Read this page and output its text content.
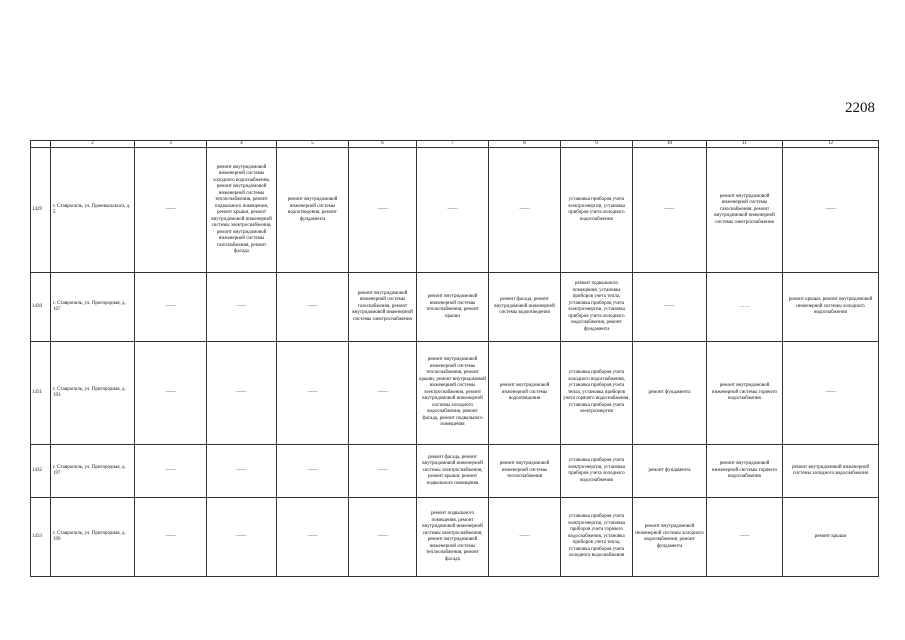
2208
	2	3	4	5	6	7	8	9	10	11	12
1429	г. Ставрополь, ул. Пржевальского, д. 5	——	ремонт внутридомовой инженерной системы холодного водоснабжения, ремонт внутридомовой инженерной системы теплоснабжения, ремонт подвального помещения, ремонт крыши, ремонт внутридомовой инженерной системы электроснабжения, ремонт внутридомовой инженерной системы газоснабжения, ремонт фасада	ремонт внутридомовой инженерной системы водоотведения, ремонт фундамента	——	——	——	установка приборов учета электроэнергии, установка приборов учета холодного водоснабжения	——	ремонт внутридомовой инженерной системы газоснабжения, ремонт внутридомовой инженерной системы электроснабжения	——
1430	г. Ставрополь, ул. Пригородная, д. 167	——	——	——	ремонт внутридомовой инженерной системы газоснабжения, ремонт внутридомовой инженерной системы электроснабжения	ремонт внутридомовой инженерной системы теплоснабжения, ремонт крыши	ремонт фасада, ремонт внутридомовой инженерной системы водоотведения	ремонт подвального помещения, установка приборов учета тепла, установка приборов учета электроэнергии, установка приборов учета холодного водоснабжения, ремонт фундамента	——	……	ремонт крыши, ремонт внутридомовой инженерной системы холодного водоснабжения
1431	г. Ставрополь, ул. Пригородная, д. 193	——	——	——	——	ремонт внутридомовой инженерной системы теплоснабжения, ремонт крыши, ремонт внутридомовой инженерной системы электроснабжения, ремонт внутридомовой инженерной системы холодного водоснабжения, ремонт фасада, ремонт подвального помещения	ремонт внутридомовой инженерной системы водоотведения	установка приборов учета холодного водоснабжения, установка приборов учета тепла, установка приборов учета горячего водоснабжения, установка приборов учета электроэнергии	ремонт фундамента	ремонт внутридомовой инженерной системы горячего водоснабжения	——
1432	г. Ставрополь, ул. Пригородная, д. 197	——	——	——	——	ремонт фасада, ремонт внутридомовой инженерной системы электроснабжения, ремонт крыши, ремонт подвального помещения	ремонт внутридомовой инженерной системы теплоснабжения	установка приборов учета электроэнергии, установка приборов учета холодного водоснабжения	ремонт фундамента	ремонт внутридомовой инженерной системы горячего водоснабжения	ремонт внутридомовой инженерной системы холодного водоснабжения
1433	г. Ставрополь, ул. Пригородная, д. 199	——	——	——	——	ремонт подвального помещения, ремонт внутридомовой инженерной системы электроснабжения, ремонт внутридомовой инженерной системы теплоснабжения, ремонт фасада	——	установка приборов учета электроэнергии, установка приборов учета горячего водоснабжения, установка приборов учета тепла, установка приборов учета холодного водоснабжения	ремонт внутридомовой инженерной системы холодного водоснабжения, ремонт фундамента	——	ремонт крыши
